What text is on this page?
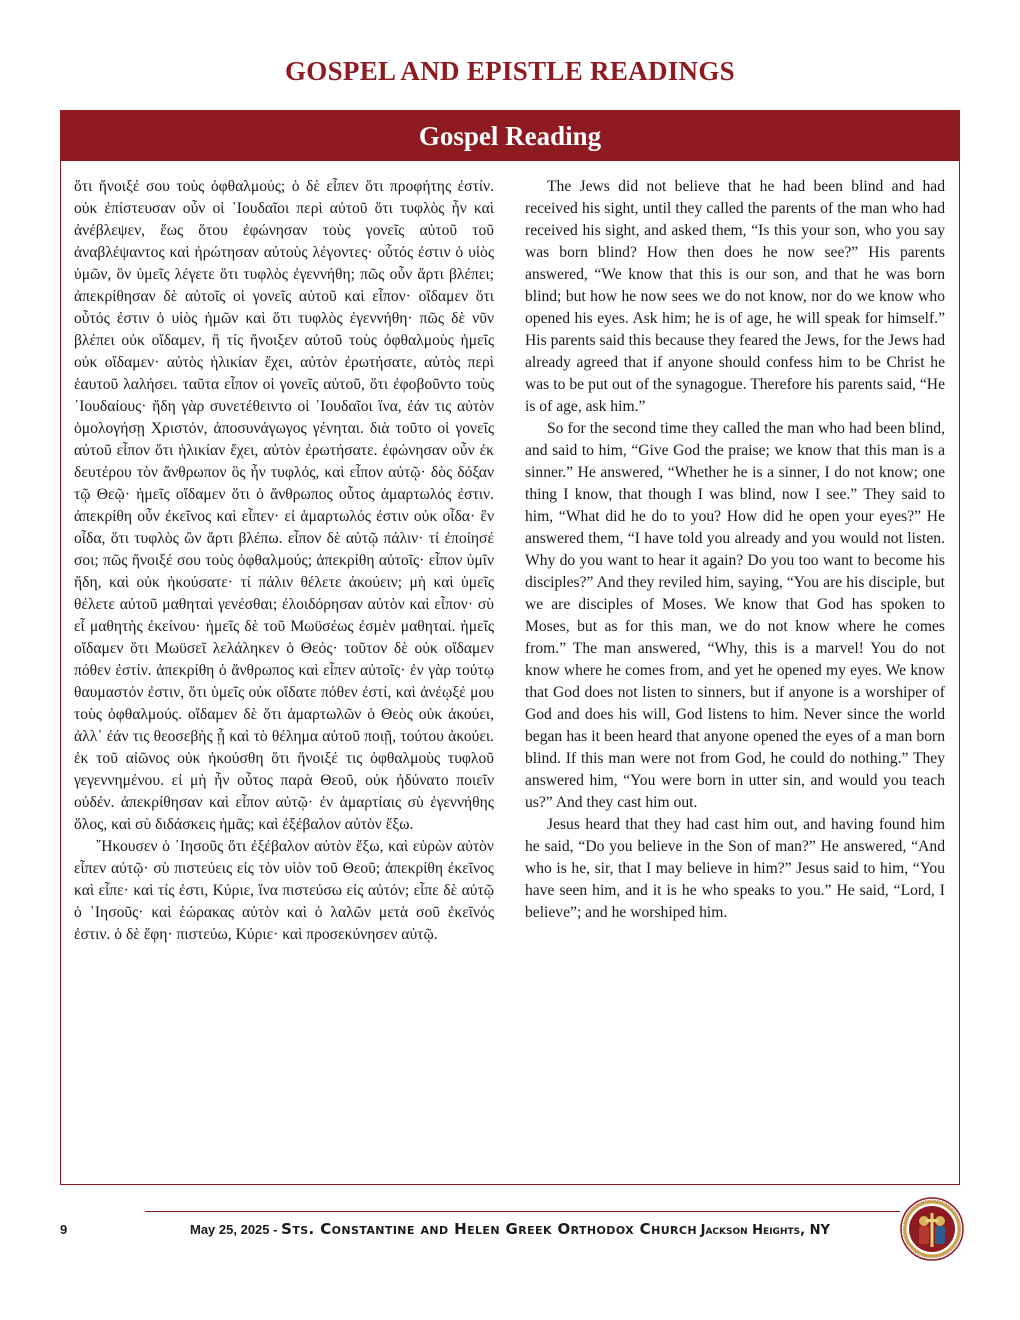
GOSPEL AND EPISTLE READINGS
Gospel Reading

ὅτι ἤνοιξέ σου τοὺς ὀφθαλμούς; ὁ δὲ εἶπεν ὅτι προφήτης ἐστίν. οὐκ ἐπίστευσαν οὖν οἱ ᾿Ιουδαῖοι περὶ αὐτοῦ ὅτι τυφλὸς ἦν καὶ ἀνέβλεψεν, ἕως ὅτου ἐφώνησαν τοὺς γονεῖς αὐτοῦ τοῦ ἀναβλέψαντος καὶ ἠρώτησαν αὐτοὺς λέγοντες· οὗτός ἐστιν ὁ υἱὸς ὑμῶν, ὃν ὑμεῖς λέγετε ὅτι τυφλὸς ἐγεννήθη; πῶς οὖν ἄρτι βλέπει; ἀπεκρίθησαν δὲ αὐτοῖς οἱ γονεῖς αὐτοῦ καὶ εἶπον· οἴδαμεν ὅτι οὗτός ἐστιν ὁ υἱὸς ἡμῶν καὶ ὅτι τυφλὸς ἐγεννήθη· πῶς δὲ νῦν βλέπει οὐκ οἴδαμεν, ἢ τίς ἤνοιξεν αὐτοῦ τοὺς ὀφθαλμοὺς ἡμεῖς οὐκ οἴδαμεν· αὐτὸς ἡλικίαν ἔχει, αὐτὸν ἐρωτήσατε, αὐτὸς περὶ ἑαυτοῦ λαλήσει. ταῦτα εἶπον οἱ γονεῖς αὐτοῦ, ὅτι ἐφοβοῦντο τοὺς ᾿Ιουδαίους· ἤδη γὰρ συνετέθειντο οἱ ᾿Ιουδαῖοι ἵνα, ἐάν τις αὐτὸν ὁμολογήσῃ Χριστόν, ἀποσυνάγωγος γένηται. διὰ τοῦτο οἱ γονεῖς αὐτοῦ εἶπον ὅτι ἡλικίαν ἔχει, αὐτὸν ἐρωτήσατε. ἐφώνησαν οὖν ἐκ δευτέρου τὸν ἄνθρωπον ὃς ἦν τυφλός, καὶ εἶπον αὐτῷ· δὸς δόξαν τῷ Θεῷ· ἡμεῖς οἴδαμεν ὅτι ὁ ἄνθρωπος οὗτος ἁμαρτωλός ἐστιν. ἀπεκρίθη οὖν ἐκεῖνος καὶ εἶπεν· εἰ ἁμαρτωλός ἐστιν οὐκ οἶδα· ἓν οἶδα, ὅτι τυφλὸς ὢν ἄρτι βλέπω. εἶπον δὲ αὐτῷ πάλιν· τί ἐποίησέ σοι; πῶς ἤνοιξέ σου τοὺς ὀφθαλμούς; ἀπεκρίθη αὐτοῖς· εἶπον ὑμῖν ἤδη, καὶ οὐκ ἠκούσατε· τί πάλιν θέλετε ἀκούειν; μὴ καὶ ὑμεῖς θέλετε αὐτοῦ μαθηταὶ γενέσθαι; ἐλοιδόρησαν αὐτὸν καὶ εἶπον· σὺ εἶ μαθητὴς ἐκείνου· ἡμεῖς δὲ τοῦ Μωϋσέως ἐσμὲν μαθηταί. ἡμεῖς οἴδαμεν ὅτι Μωϋσεῖ λελάληκεν ὁ Θεός· τοῦτον δὲ οὐκ οἴδαμεν πόθεν ἐστίν. ἀπεκρίθη ὁ ἄνθρωπος καὶ εἶπεν αὐτοῖς· ἐν γὰρ τούτῳ θαυμαστόν ἐστιν, ὅτι ὑμεῖς οὐκ οἴδατε πόθεν ἐστί, καὶ ἀνέῳξέ μου τοὺς ὀφθαλμούς. οἴδαμεν δὲ ὅτι ἁμαρτωλῶν ὁ Θεὸς οὐκ ἀκούει, ἀλλ᾿ ἐάν τις θεοσεβὴς ᾖ καὶ τὸ θέλημα αὐτοῦ ποιῇ, τούτου ἀκούει. ἐκ τοῦ αἰῶνος οὐκ ἠκούσθη ὅτι ἤνοιξέ τις ὀφθαλμοὺς τυφλοῦ γεγεννημένου. εἰ μὴ ἦν οὗτος παρὰ Θεοῦ, οὐκ ἠδύνατο ποιεῖν οὐδέν. ἀπεκρίθησαν καὶ εἶπον αὐτῷ· ἐν ἁμαρτίαις σὺ ἐγεννήθης ὅλος, καὶ σὺ διδάσκεις ἡμᾶς; καὶ ἐξέβαλον αὐτὸν ἔξω.

῎Ηκουσεν ὁ ᾿Ιησοῦς ὅτι ἐξέβαλον αὐτὸν ἔξω, καὶ εὑρὼν αὐτὸν εἶπεν αὐτῷ· σὺ πιστεύεις εἰς τὸν υἱὸν τοῦ Θεοῦ; ἀπεκρίθη ἐκεῖνος καὶ εἶπε· καὶ τίς ἐστι, Κύριε, ἵνα πιστεύσω εἰς αὐτόν; εἶπε δὲ αὐτῷ ὁ ᾿Ιησοῦς· καὶ ἑώρακας αὐτὸν καὶ ὁ λαλῶν μετὰ σοῦ ἐκεῖνός ἐστιν. ὁ δὲ ἔφη· πιστεύω, Κύριε· καὶ προσεκύνησεν αὐτῷ.

The Jews did not believe that he had been blind and had received his sight, until they called the parents of the man who had received his sight, and asked them, “Is this your son, who you say was born blind? How then does he now see?” His parents answered, “We know that this is our son, and that he was born blind; but how he now sees we do not know, nor do we know who opened his eyes. Ask him; he is of age, he will speak for himself.” His parents said this because they feared the Jews, for the Jews had already agreed that if anyone should confess him to be Christ he was to be put out of the synagogue. Therefore his parents said, “He is of age, ask him.”

So for the second time they called the man who had been blind, and said to him, “Give God the praise; we know that this man is a sinner.” He answered, “Whether he is a sinner, I do not know; one thing I know, that though I was blind, now I see.” They said to him, “What did he do to you? How did he open your eyes?” He answered them, “I have told you already and you would not listen. Why do you want to hear it again? Do you too want to become his disciples?” And they reviled him, saying, “You are his disciple, but we are disciples of Moses. We know that God has spoken to Moses, but as for this man, we do not know where he comes from.” The man answered, “Why, this is a marvel! You do not know where he comes from, and yet he opened my eyes. We know that God does not listen to sinners, but if anyone is a worshiper of God and does his will, God listens to him. Never since the world began has it been heard that anyone opened the eyes of a man born blind. If this man were not from God, he could do nothing.” They answered him, “You were born in utter sin, and would you teach us?” And they cast him out.

Jesus heard that they had cast him out, and having found him he said, “Do you believe in the Son of man?” He answered, “And who is he, sir, that I may believe in him?” Jesus said to him, “You have seen him, and it is he who speaks to you.” He said, “Lord, I believe”; and he worshiped him.

9	May 25, 2025 - Sts. Constantine and Helen Greek Orthodox Church Jackson Heights, NY
